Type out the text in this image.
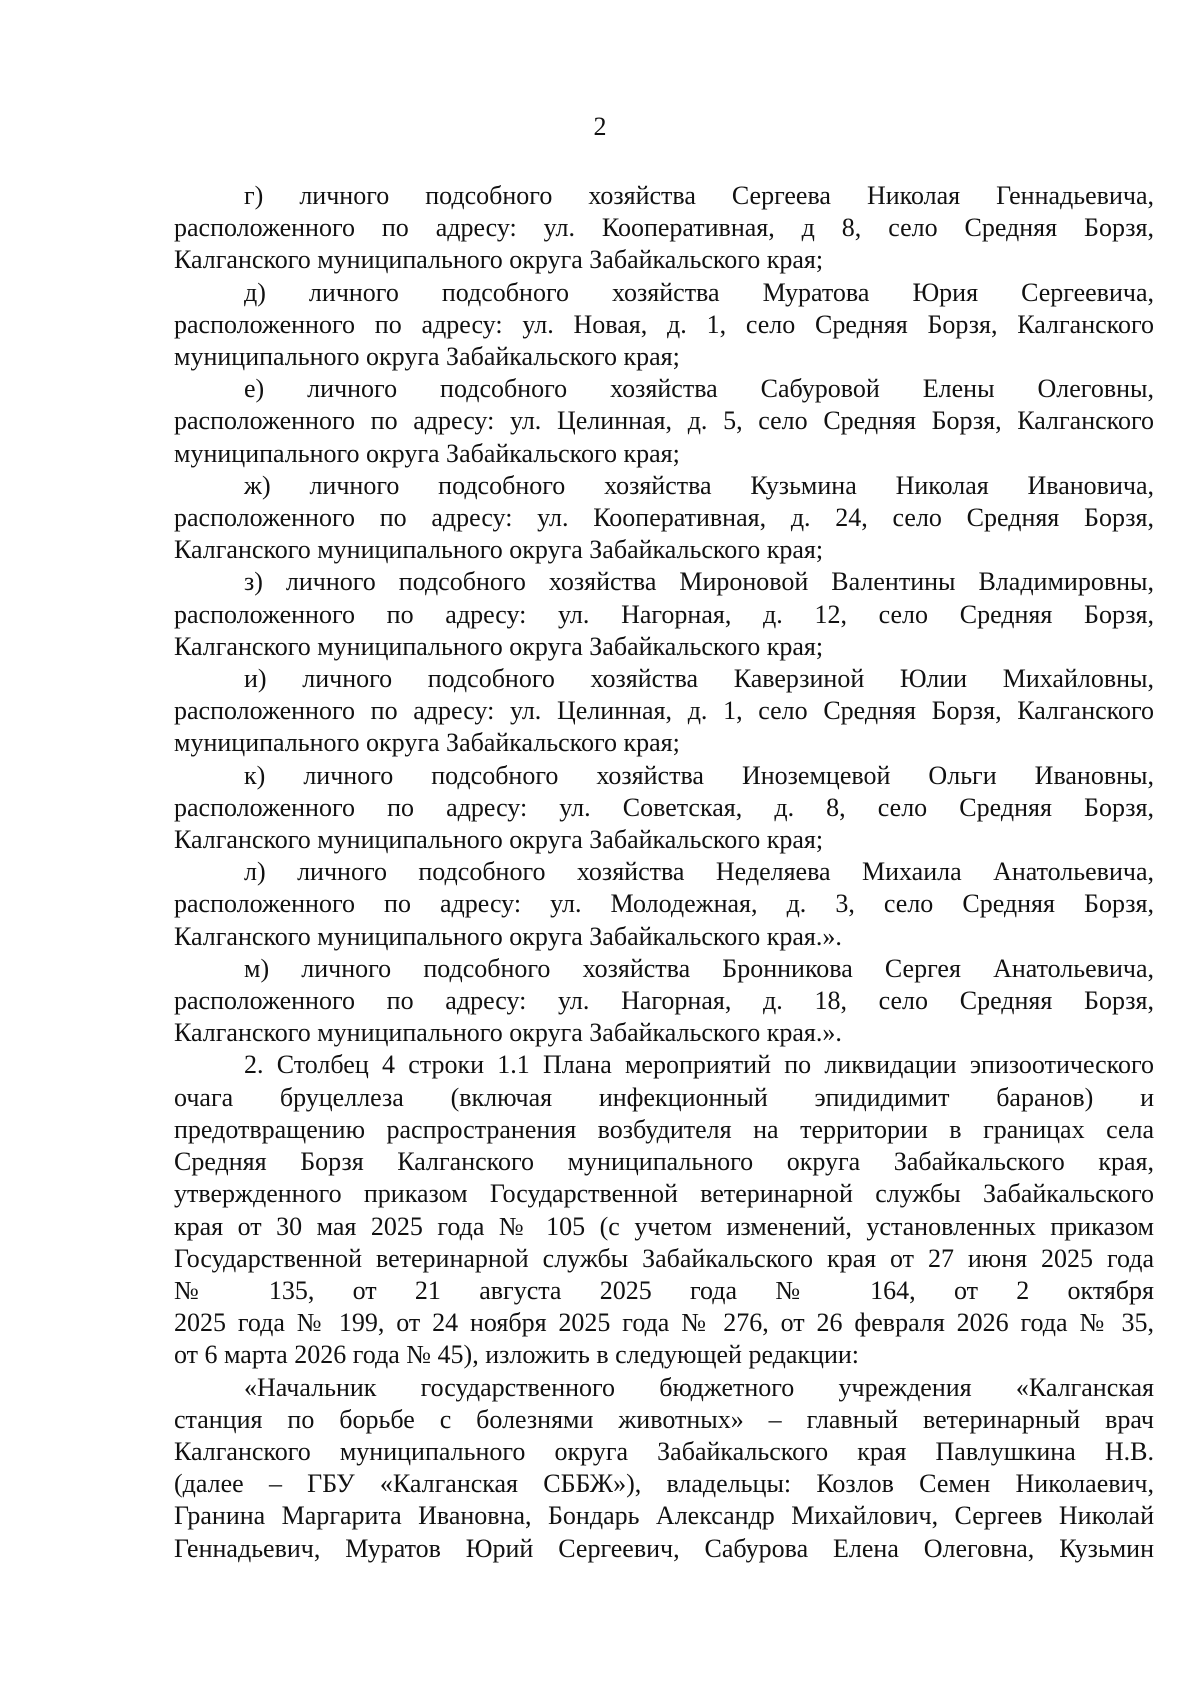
2
г) личного подсобного хозяйства Сергеева Николая Геннадьевича,
расположенного по адресу: ул. Кооперативная, д 8, село Средняя Борзя,
Калганского муниципального округа Забайкальского края;
д) личного подсобного хозяйства Муратова Юрия Сергеевича,
расположенного по адресу: ул. Новая, д. 1, село Средняя Борзя, Калганского
муниципального округа Забайкальского края;
е) личного подсобного хозяйства Сабуровой Елены Олеговны,
расположенного по адресу: ул. Целинная, д. 5, село Средняя Борзя, Калганского
муниципального округа Забайкальского края;
ж) личного подсобного хозяйства Кузьмина Николая Ивановича,
расположенного по адресу: ул. Кооперативная, д. 24, село Средняя Борзя,
Калганского муниципального округа Забайкальского края;
з) личного подсобного хозяйства Мироновой Валентины Владимировны,
расположенного по адресу: ул. Нагорная, д. 12, село Средняя Борзя,
Калганского муниципального округа Забайкальского края;
и) личного подсобного хозяйства Каверзиной Юлии Михайловны,
расположенного по адресу: ул. Целинная, д. 1, село Средняя Борзя, Калганского
муниципального округа Забайкальского края;
к) личного подсобного хозяйства Иноземцевой Ольги Ивановны,
расположенного по адресу: ул. Советская, д. 8, село Средняя Борзя,
Калганского муниципального округа Забайкальского края;
л) личного подсобного хозяйства Неделяева Михаила Анатольевича,
расположенного по адресу: ул. Молодежная, д. 3, село Средняя Борзя,
Калганского муниципального округа Забайкальского края.».
м) личного подсобного хозяйства Бронникова Сергея Анатольевича,
расположенного по адресу: ул. Нагорная, д. 18, село Средняя Борзя,
Калганского муниципального округа Забайкальского края.».
2. Столбец 4 строки 1.1 Плана мероприятий по ликвидации эпизоотического
очага бруцеллеза (включая инфекционный эпидидимит баранов) и
предотвращению распространения возбудителя на территории в границах села
Средняя Борзя Калганского муниципального округа Забайкальского края,
утвержденного приказом Государственной ветеринарной службы Забайкальского
края от 30 мая 2025 года № 105 (с учетом изменений, установленных приказом
Государственной ветеринарной службы Забайкальского края от 27 июня 2025 года
№ 135, от 21 августа 2025 года № 164, от 2 октября
2025 года № 199, от 24 ноября 2025 года № 276, от 26 февраля 2026 года № 35,
от 6 марта 2026 года № 45), изложить в следующей редакции:
«Начальник государственного бюджетного учреждения «Калганская
станция по борьбе с болезнями животных» – главный ветеринарный врач
Калганского муниципального округа Забайкальского края Павлушкина Н.В.
(далее – ГБУ «Калганская СББЖ»), владельцы: Козлов Семен Николаевич,
Гранина Маргарита Ивановна, Бондарь Александр Михайлович, Сергеев Николай
Геннадьевич, Муратов Юрий Сергеевич, Сабурова Елена Олеговна, Кузьмин
